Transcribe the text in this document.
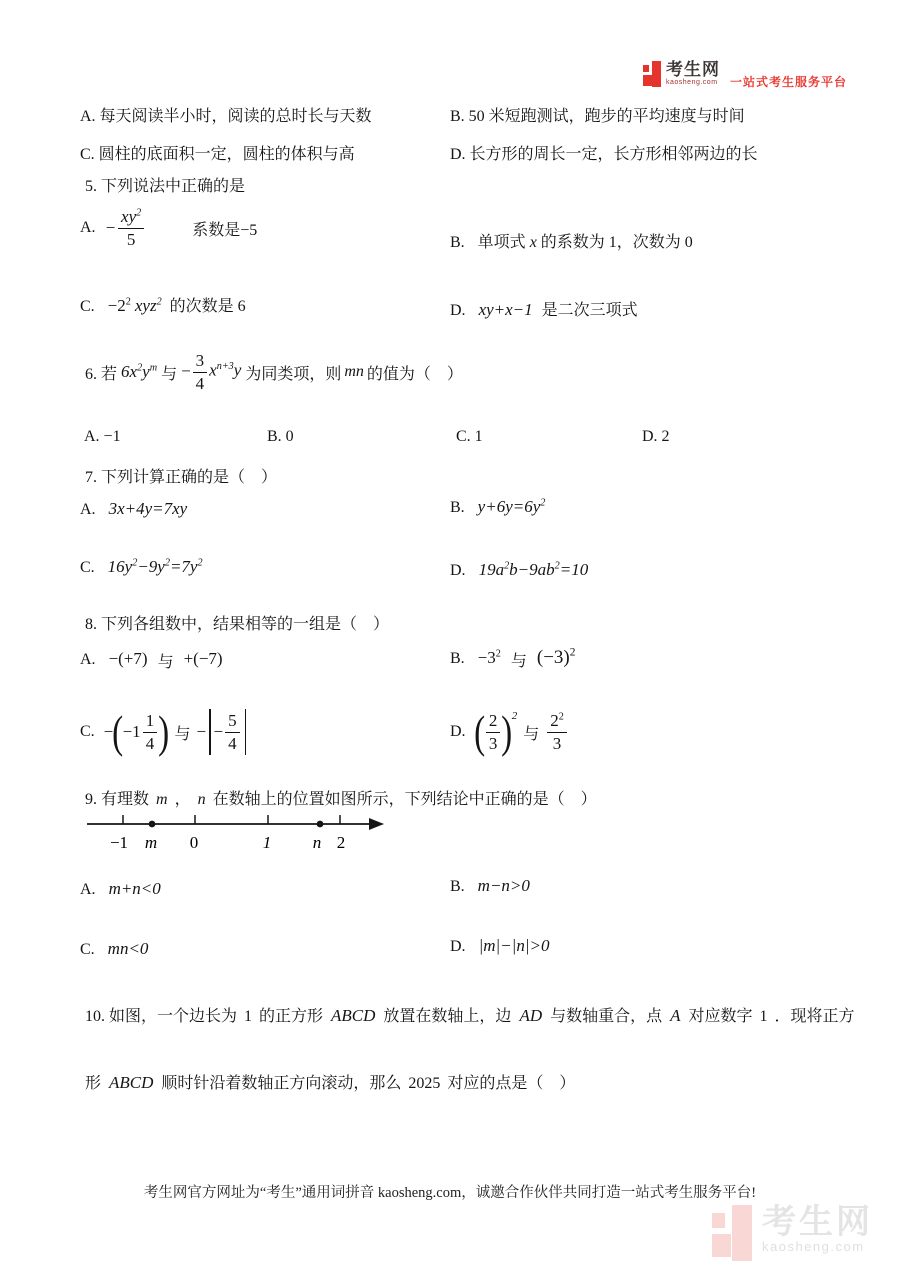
考生网
kaosheng.com 一站式考生服务平台
A. 每天阅读半小时，阅读的总时长与天数	B. 50 米短跑测试，跑步的平均速度与时间
C. 圆柱的底面积一定，圆柱的体积与高	D. 长方形的周长一定，长方形相邻两边的长
5. 下列说法中正确的是
A. − $\frac{xy^2}{5}$	系数是−5
B. 单项式 x 的系数为 1，次数为 0
C. $-2^2$ xyz$^2$ 的次数是 6	D. xy+x−1 是二次三项式
6. 若 $6x^2y^m$ 与 − $\frac{3}{4} x^{n+3}y$ 为同类项，则 mn 的值为（　）
A. −1	B. 0	C. 1	D. 2
7. 下列计算正确的是（　）
A. 3x+4y=7xy	B. $y+6y=6y^2$
C. $16y^2-9y^2=7y^2$	D. $19a^2b-9ab^2=10$
8. 下列各组数中，结果相等的一组是（　）
A. −(+7) 与 +(−7)	B. $-3^2$ 与 $(-3)^2$
C. − ( $-1 \frac{1}{4}$ ) 与 − − $\frac{5}{4}$	D. ( $\frac{2}{3}$ ) 2
与 $\frac{2^2}{3}$
9. 有理数 m ， n 在数轴上的位置如图所示，下列结论中正确的是（　）
−1 m 0	1 n 2
A. m+n<0	B. m−n>0
C. mn<0	D. |m|−|n|>0
10. 如图，一个边长为 1 的正方形 ABCD 放置在数轴上，边 AD 与数轴重合，点 A 对应数字 1 ．现将正方
形 ABCD 顺时针沿着数轴正方向滚动，那么 2025 对应的点是（　）
考生网官方网址为“考生”通用词拼音 kaosheng.com，诚邀合作伙伴共同打造一站式考生服务平台!
考生网
kaosheng.com
